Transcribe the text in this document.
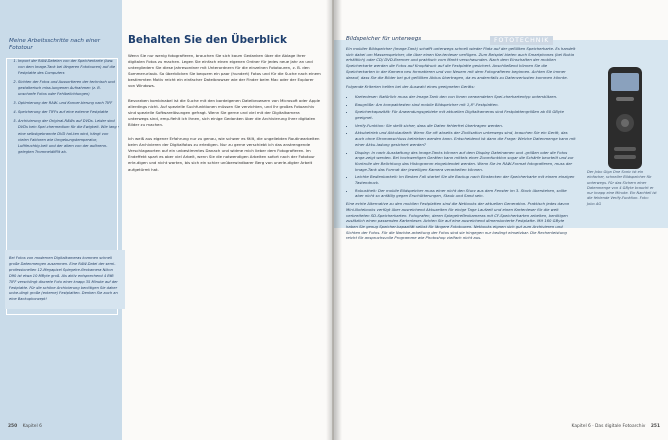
Meine Arbeitsschritte nach einer Fototour
1. Import der RAW-Dateien von der Speicherkarte (bzw. von dem Image-Tank bei längeren Fototouren) auf die Festplatte des Computers
2. Sichten der Fotos und Aussortieren der technisch und gestalterisch miss-lungenen Aufnahmen (z. B. unscharfe Fotos oder Fehlbelichtungen)
3. Optimierung der RAW- und Konver-tierung nach TIFF
4. Speicherung der TIFFs auf eine externe Festplatte
5. Archivierung der Original-RAWs auf DVDs. Leider sind DVDs kein Spei-chermedium für die Ewigkeit. Wie lange eine selbstgebrannte DVD hal-ten wird, hängt von vielen Faktoren wie Umgebungstemperatur, Luftfeuchtig-keit und der allem von der aufbrenn-gelegten Trommeldifflit ab.
Bei Fotos von modernen Digitalkameras kommen schnell große Datenmengen zusammen. Eine RAW-Datei der semi-professionellen 12-Megapixel Spiegelre-flexkamera Nikon D90 ist etwa 10 MByte groß. Als aktiv entsprechend 4 BtB TIFF verschlingt discrete Foto einer knapp 35 Minute auf der Festplatte. Für die schöne Archivierung benötigen Sie daher unbe-dingt große (externe) Festplatten. Denken Sie auch an eine Backupkonzept!
Behalten Sie den Überblick

Wenn Sie nur wenig fotografieren, brauchen Sie sich kaum Gedanken über die Ablage Ihrer digitalen Fotos zu machen. Legen Sie einfach einen eigenen Ordner für jedes neue Jahr an und untergliedern Sie diese Jahresordner mit Unterordnern für die einzelnen Fototouren, z. B. den Sommerurlaub. So überblicken Sie bequem ein paar (hundert) Fotos und für die Suche nach einem bestimmten Motiv reicht ein einfacher Dateibrowser wie der Finder beim Mac oder der Explorer von Windows.

Bevorzben kombinabel ist die Suche mit den bordeigenen Dateibrowsern von Microsoft oder Apple allerdings nicht. Auf spezielle Suchfunktionen müssen Sie verzichten, und Ihr großes Fotoarchiv sind spezielle Softwarelösungen gefragt. Wenn Sie gerne und viel mit der Digitalkamera unterwegs sind, emp-fiehlt ich Ihnen, sich einige Gedanken über die Archivierung Ihrer digitalen Bilder zu machen.

Ich weiß aus eigener Erfahrung nur zu genau, wie schwer es fällt, die ungeliebten Routinearbeiten beim Archivieren der Digitalfotos zu erledigen. Nur zu gerne verschiebt ich das anstrengende Verschlagworten auf ein unbestimmtes Danach und widme mich lieber dem Fotografieren. Im Endeffekt spart es aber viel Arbeit, wenn Sie die notwendigen Arbeiten sofort nach der Fototour erle-digen und nicht warten, bis sich ein schier unüberwindbarer Berg von unerle-digter Arbeit aufgetürmt hat.

250 Kapitel 6
Bildspeicher für unterwegs	FOTOTECHNIK

Ein mobiler Bildspeicher (Image-Tank) schafft unterwegs schnell wieder Platz auf der gefüllten Speicherkarte. Es handelt sich dabei um Massenspeicher, die über einen Kar-tenleser verfügen. Zum Beispiel bieten auch Smartphones (bei Nokia erhältlich) oder CD/ DVD-Brenner und praktisch vom Markt verschwunden. Nach dem Einschalten der mobilen Speicherkarte werden die Fotos auf Knopfdruck auf die Festplatte gesichert. Anschließend können Sie die Speicherkarten in der Kamera neu formatieren und von Neuem mit dem Fotografieren beginnen. Achten Sie immer darauf, dass Sie die Bilder bei gut gefüllten Akkus übertragen, da es andernfalls zu Datenverlusten kommen könnte.

Folgende Kriterien helfen bei der Auswahl eines geeigneten Geräts:

• Kartenleser: Natürlich muss der Image-Tank den von Ihnen verwendeten Spei-cherkartentyp unterstützen.
• Baugröße: Am kompaktesten sind mobile Bildspeicher mit 1,8"-Festplatten.
• Speicherkapazität: Für Anwendungsgebiete mit aktuellen Digitalkameras sind Festplattengrößen ab 60 GByte geeignet.
• Verify-Funktion: Sie stellt sicher, dass die Daten fehlerfrei übertragen werden.
• Akkubetrieb und Akkulaufzeit: Wenn Sie oft abseits der Zivilisation unterwegs sind, brauchen Sie ein Gerät, das auch ohne Stromanschluss betrieben werden kann. Entscheidend ist dann die Frage: Welche Datenmenge kann mit einer Akku-ladung gesichert werden?
• Display: In nach Ausstattung des Image-Tanks können auf dem Display Dateinamen und -größen oder die Fotos ange-zeigt werden. Bei hochwertigen Geräten kann mittels einer Zoomfunktion sogar die Schärfe beurteilt und zur Kontrolle der Belichtung das Histogramm eingeblendet werden. Wenn Sie im RAW-Format fotografieren, muss der Image-Tank das Format der jeweiligen Kamera verarbeiten können.
• Leichte Bedienbarkeit: Im Besten Fall startet Sie die Backup nach Einstecken der Speicherkarte mit einem einzigen Tastendruck.
• Robustheit: Der mobile Bildspeicher muss einer nicht den Sturz aus dem Fenster im 3. Stock überstehen, sollte aber nicht so anfällig gegen Erschütterungen, Staub und Sand sein.

Eine echte Alternative zu den mobilen Festplatten sind die Netbooks der aktuellen Generation. Praktisch jedes davon Mini-Notebooks verfügt über ausreichend Akkuzeiten für einige Tage Laufzeit und einen Kartenleser für die weit verbreiteten SD-Speicherkarten. Fotografen, deren Spiegelreflexkameras mit CF-Speicherkarten arbeiten, benötigen zusätzlich einen passenden Kartenleser. Achten Sie auf eine ausreichend dimensionierte Festplatte. Mit 160 GByte haben Sie genug Speicher-kapazität selbst für längere Fototouren. Netbooks eignen sich gut zum Archivieren und Sichten der Fotos. Für die Nachbe-arbeitung der Fotos sind sie hingegen nur bedingt einsetzbar. Die Rechenleistung reicht für anspruchsvolle Programme wie Photoshop vielfach nicht aus.

Der Jobo Giga One Sonic ist ein einfacher, schneller Bildspeicher für unterwegs. Für das Sichern einer Datenmenge von 4 GByte braucht er nur knapp eine Minute. Ein Nachteil ist die fehlende Verify-Funktion. Foto: Jobo AG
Kapitel 6 · Das digitale Fotoarchiv 251
